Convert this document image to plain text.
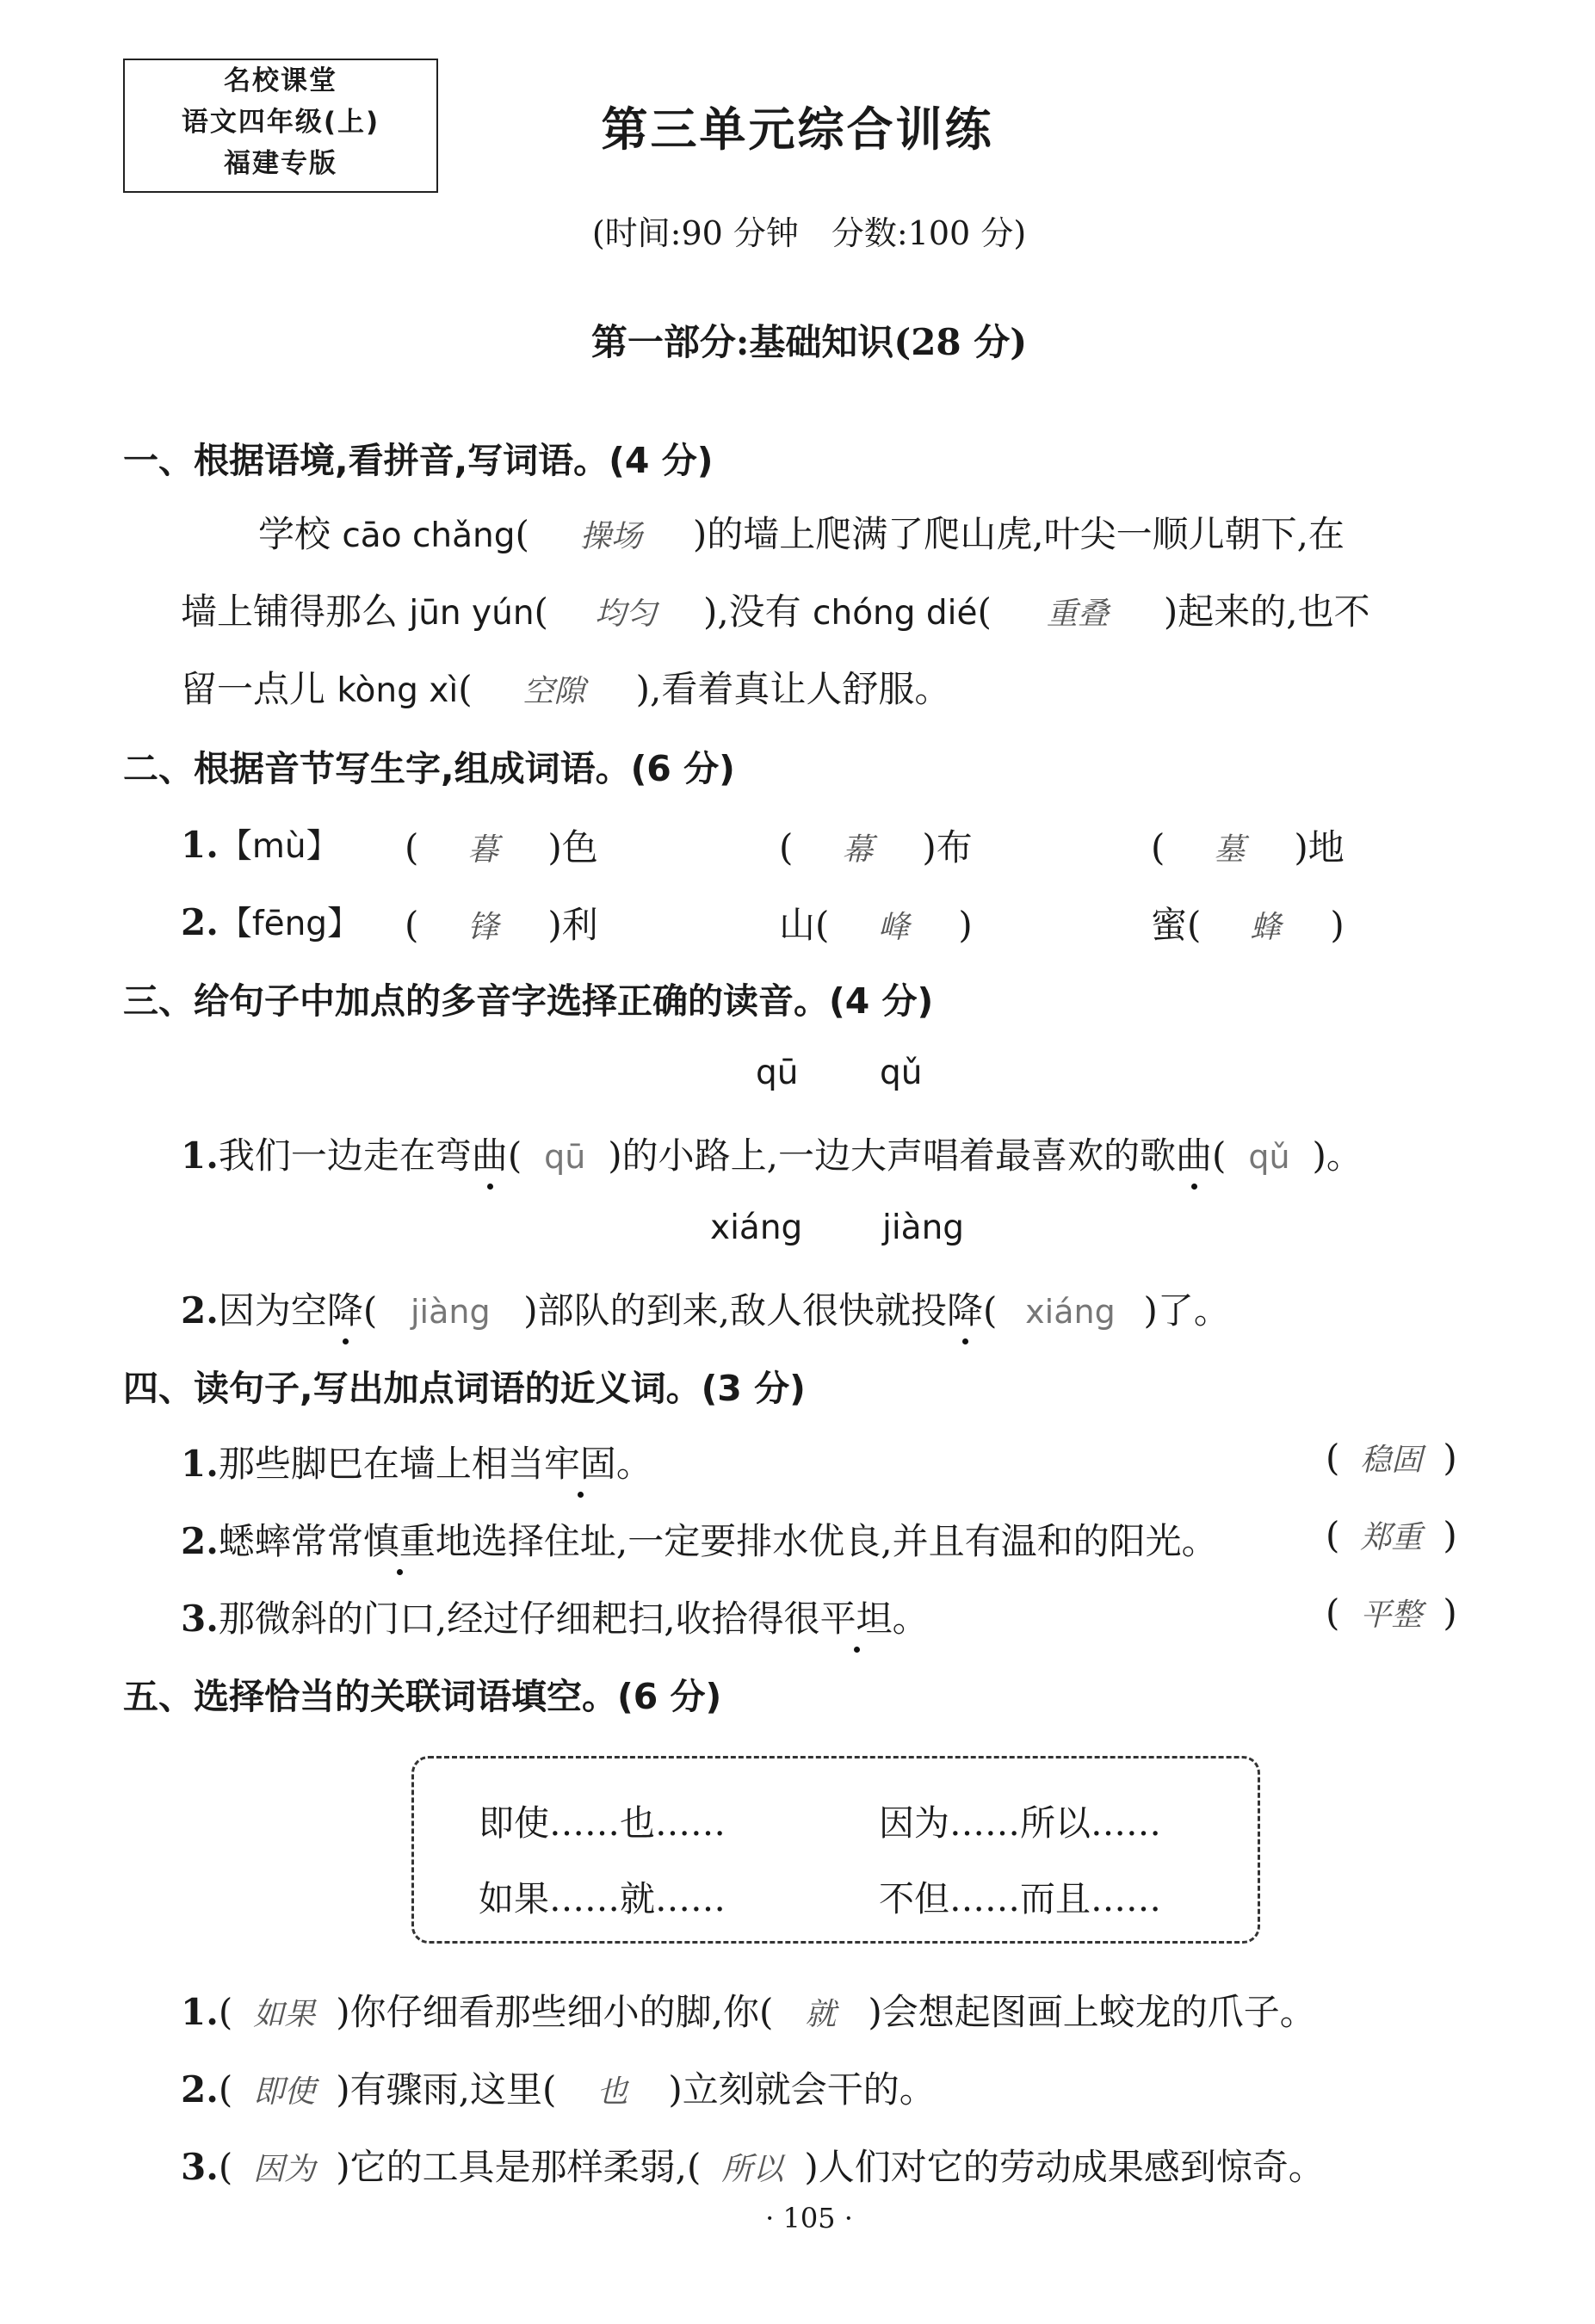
名校课堂
语文四年级(上)
福建专版
第三单元综合训练
(时间:90 分钟　分数:100 分)
第一部分:基础知识(28 分)
一、根据语境,看拼音,写词语。(4 分)
学校 cāo chǎng( 操场 )的墙上爬满了爬山虎,叶尖一顺儿朝下,在
墙上铺得那么 jūn yún( 均匀 ),没有 chóng dié( 重叠 )起来的,也不
留一点儿 kòng xì( 空隙 ),看着真让人舒服。
二、根据音节写生字,组成词语。(6 分)
1.【mù】 ( 暮 )色	( 幕 )布	( 墓 )地
2.【fēng】 ( 锋 )利	山( 峰 )	蜜( 蜂 )
三、给句子中加点的多音字选择正确的读音。(4 分)
qū qǔ
1.我们一边走在弯曲( qū )的小路上,一边大声唱着最喜欢的歌曲( qǔ )。
xiáng jiàng
2.因为空降( jiàng )部队的到来,敌人很快就投降( xiáng )了。
四、读句子,写出加点词语的近义词。(3 分)
1.那些脚巴在墙上相当牢固。	( 稳固 )
2.蟋蟀常常慎重地选择住址,一定要排水优良,并且有温和的阳光。	( 郑重 )
3.那微斜的门口,经过仔细耙扫,收拾得很平坦。	( 平整 )
五、选择恰当的关联词语填空。(6 分)
即使……也……	因为……所以……
如果……就……	不但……而且……
1.( 如果 )你仔细看那些细小的脚,你( 就 )会想起图画上蛟龙的爪子。
2.( 即使 )有骤雨,这里( 也 )立刻就会干的。
3.( 因为 )它的工具是那样柔弱,( 所以 )人们对它的劳动成果感到惊奇。
· 105 ·
